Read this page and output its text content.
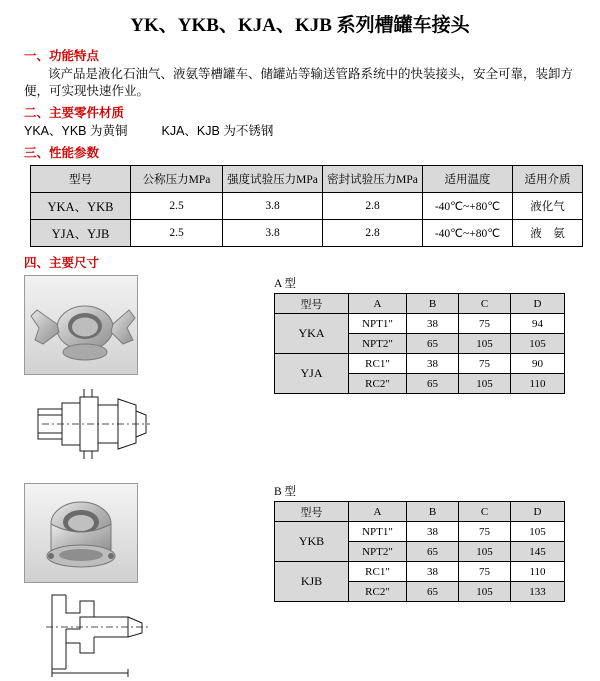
YK、YKB、KJA、KJB 系列槽罐车接头
一、功能特点
该产品是液化石油气、液氨等槽罐车、储罐站等输送管路系统中的快装接头，安全可靠，装卸方便，可实现快速作业。
二、主要零件材质
YKA、YKB 为黄铜	KJA、KJB 为不锈钢
三、性能参数
型号	公称压力MPa	强度试验压力MPa	密封试验压力MPa	适用温度	适用介质
YKA、YKB	2.5	3.8	2.8	-40℃~+80℃	液化气
YJA、YJB	2.5	3.8	2.8	-40℃~+80℃	液　氨
四、主要尺寸

A 型
型号	A	B	C	D
YKA	NPT1"	38	75	94
	NPT2"	65	105	105
YJA	RC1"	38	75	90
	RC2"	65	105	110

B 型
型号	A	B	C	D
YKB	NPT1"	38	75	105
	NPT2"	65	105	145
KJB	RC1"	38	75	110
	RC2"	65	105	133
